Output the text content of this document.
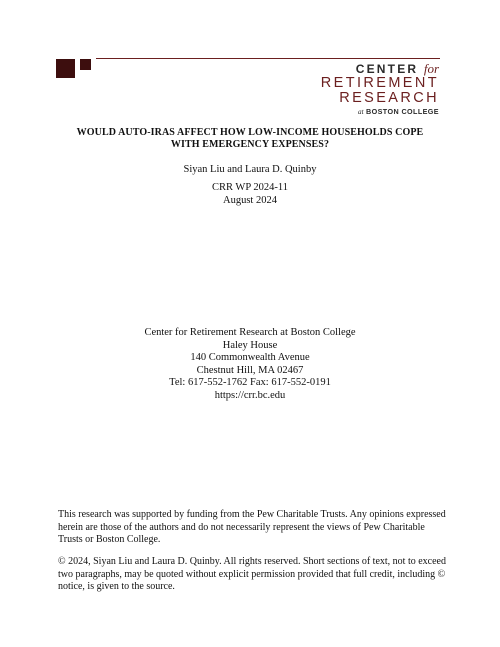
CENTER for
RETIREMENT
RESEARCH
at BOSTON COLLEGE
WOULD AUTO-IRAS AFFECT HOW LOW-INCOME HOUSEHOLDS COPE
WITH EMERGENCY EXPENSES?
Siyan Liu and Laura D. Quinby
CRR WP 2024-11
August 2024
Center for Retirement Research at Boston College
Haley House
140 Commonwealth Avenue
Chestnut Hill, MA 02467
Tel: 617-552-1762 Fax: 617-552-0191
https://crr.bc.edu
This research was supported by funding from the Pew Charitable Trusts. Any opinions expressed herein are those of the authors and do not necessarily represent the views of Pew Charitable Trusts or Boston College.
© 2024, Siyan Liu and Laura D. Quinby. All rights reserved. Short sections of text, not to exceed two paragraphs, may be quoted without explicit permission provided that full credit, including © notice, is given to the source.
